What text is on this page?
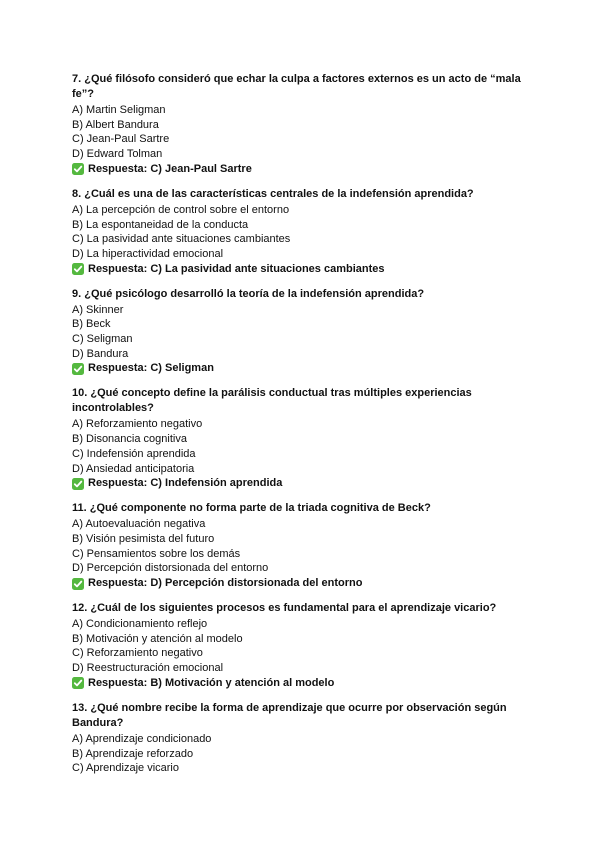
7. ¿Qué filósofo consideró que echar la culpa a factores externos es un acto de “mala fe”?
A) Martin Seligman
B) Albert Bandura
C) Jean-Paul Sartre
D) Edward Tolman
Respuesta: C) Jean-Paul Sartre
8. ¿Cuál es una de las características centrales de la indefensión aprendida?
A) La percepción de control sobre el entorno
B) La espontaneidad de la conducta
C) La pasividad ante situaciones cambiantes
D) La hiperactividad emocional
Respuesta: C) La pasividad ante situaciones cambiantes
9. ¿Qué psicólogo desarrolló la teoría de la indefensión aprendida?
A) Skinner
B) Beck
C) Seligman
D) Bandura
Respuesta: C) Seligman
10. ¿Qué concepto define la parálisis conductual tras múltiples experiencias incontrolables?
A) Reforzamiento negativo
B) Disonancia cognitiva
C) Indefensión aprendida
D) Ansiedad anticipatoria
Respuesta: C) Indefensión aprendida
11. ¿Qué componente no forma parte de la triada cognitiva de Beck?
A) Autoevaluación negativa
B) Visión pesimista del futuro
C) Pensamientos sobre los demás
D) Percepción distorsionada del entorno
Respuesta: D) Percepción distorsionada del entorno
12. ¿Cuál de los siguientes procesos es fundamental para el aprendizaje vicario?
A) Condicionamiento reflejo
B) Motivación y atención al modelo
C) Reforzamiento negativo
D) Reestructuración emocional
Respuesta: B) Motivación y atención al modelo
13. ¿Qué nombre recibe la forma de aprendizaje que ocurre por observación según Bandura?
A) Aprendizaje condicionado
B) Aprendizaje reforzado
C) Aprendizaje vicario
